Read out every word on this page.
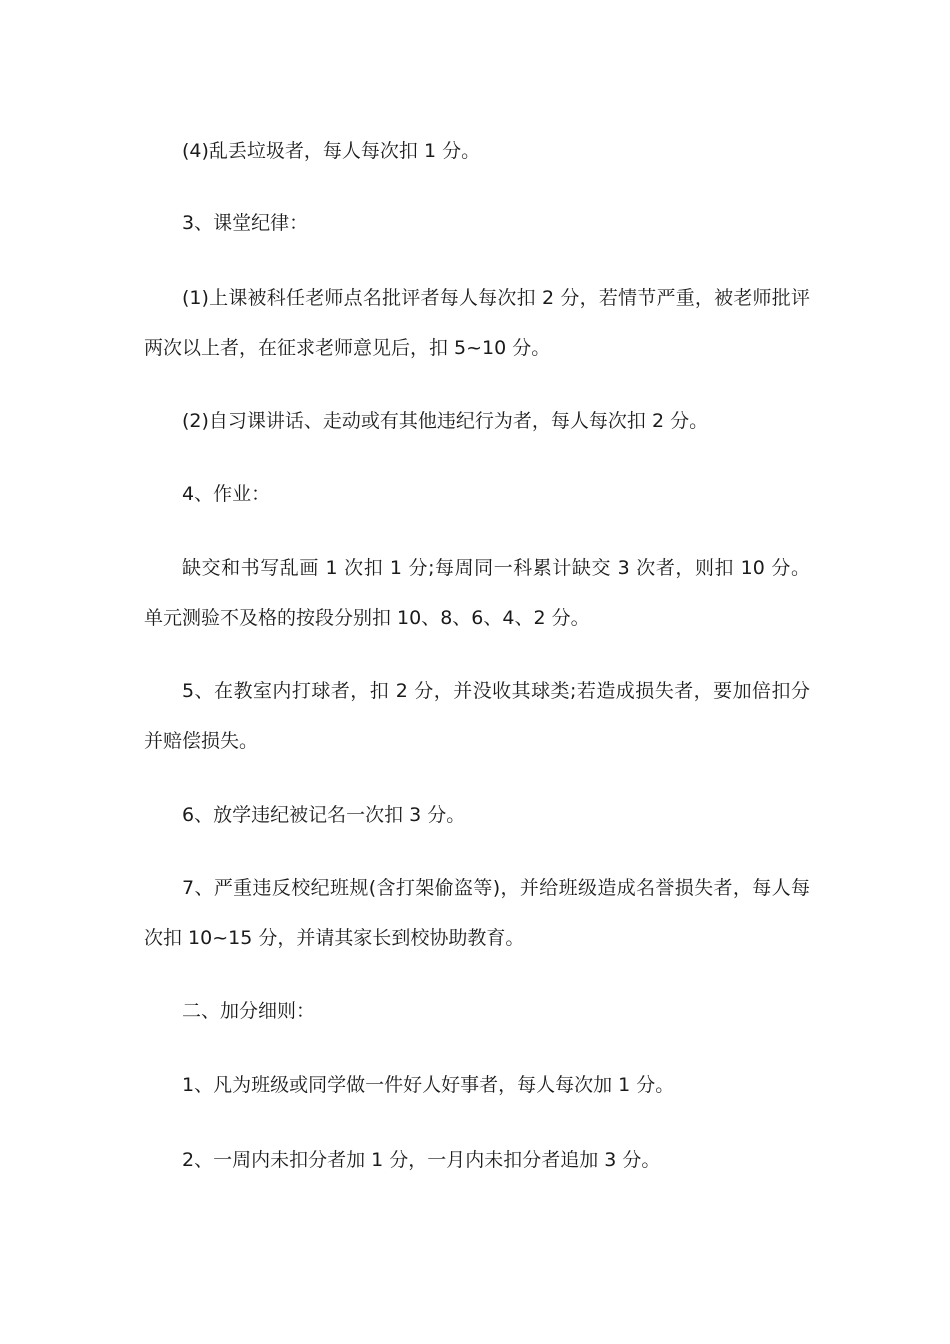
(4)乱丢垃圾者，每人每次扣 1 分。

3、课堂纪律：

(1)上课被科任老师点名批评者每人每次扣 2 分，若情节严重，被老师批评两次以上者，在征求老师意见后，扣 5~10 分。

(2)自习课讲话、走动或有其他违纪行为者，每人每次扣 2 分。

4、作业：

缺交和书写乱画 1 次扣 1 分;每周同一科累计缺交 3 次者，则扣 10 分。单元测验不及格的按段分别扣 10、8、6、4、2 分。

5、在教室内打球者，扣 2 分，并没收其球类;若造成损失者，要加倍扣分并赔偿损失。

6、放学违纪被记名一次扣 3 分。

7、严重违反校纪班规(含打架偷盗等)，并给班级造成名誉损失者，每人每次扣 10~15 分，并请其家长到校协助教育。

二、加分细则：

1、凡为班级或同学做一件好人好事者，每人每次加 1 分。

2、一周内未扣分者加 1 分，一月内未扣分者追加 3 分。
